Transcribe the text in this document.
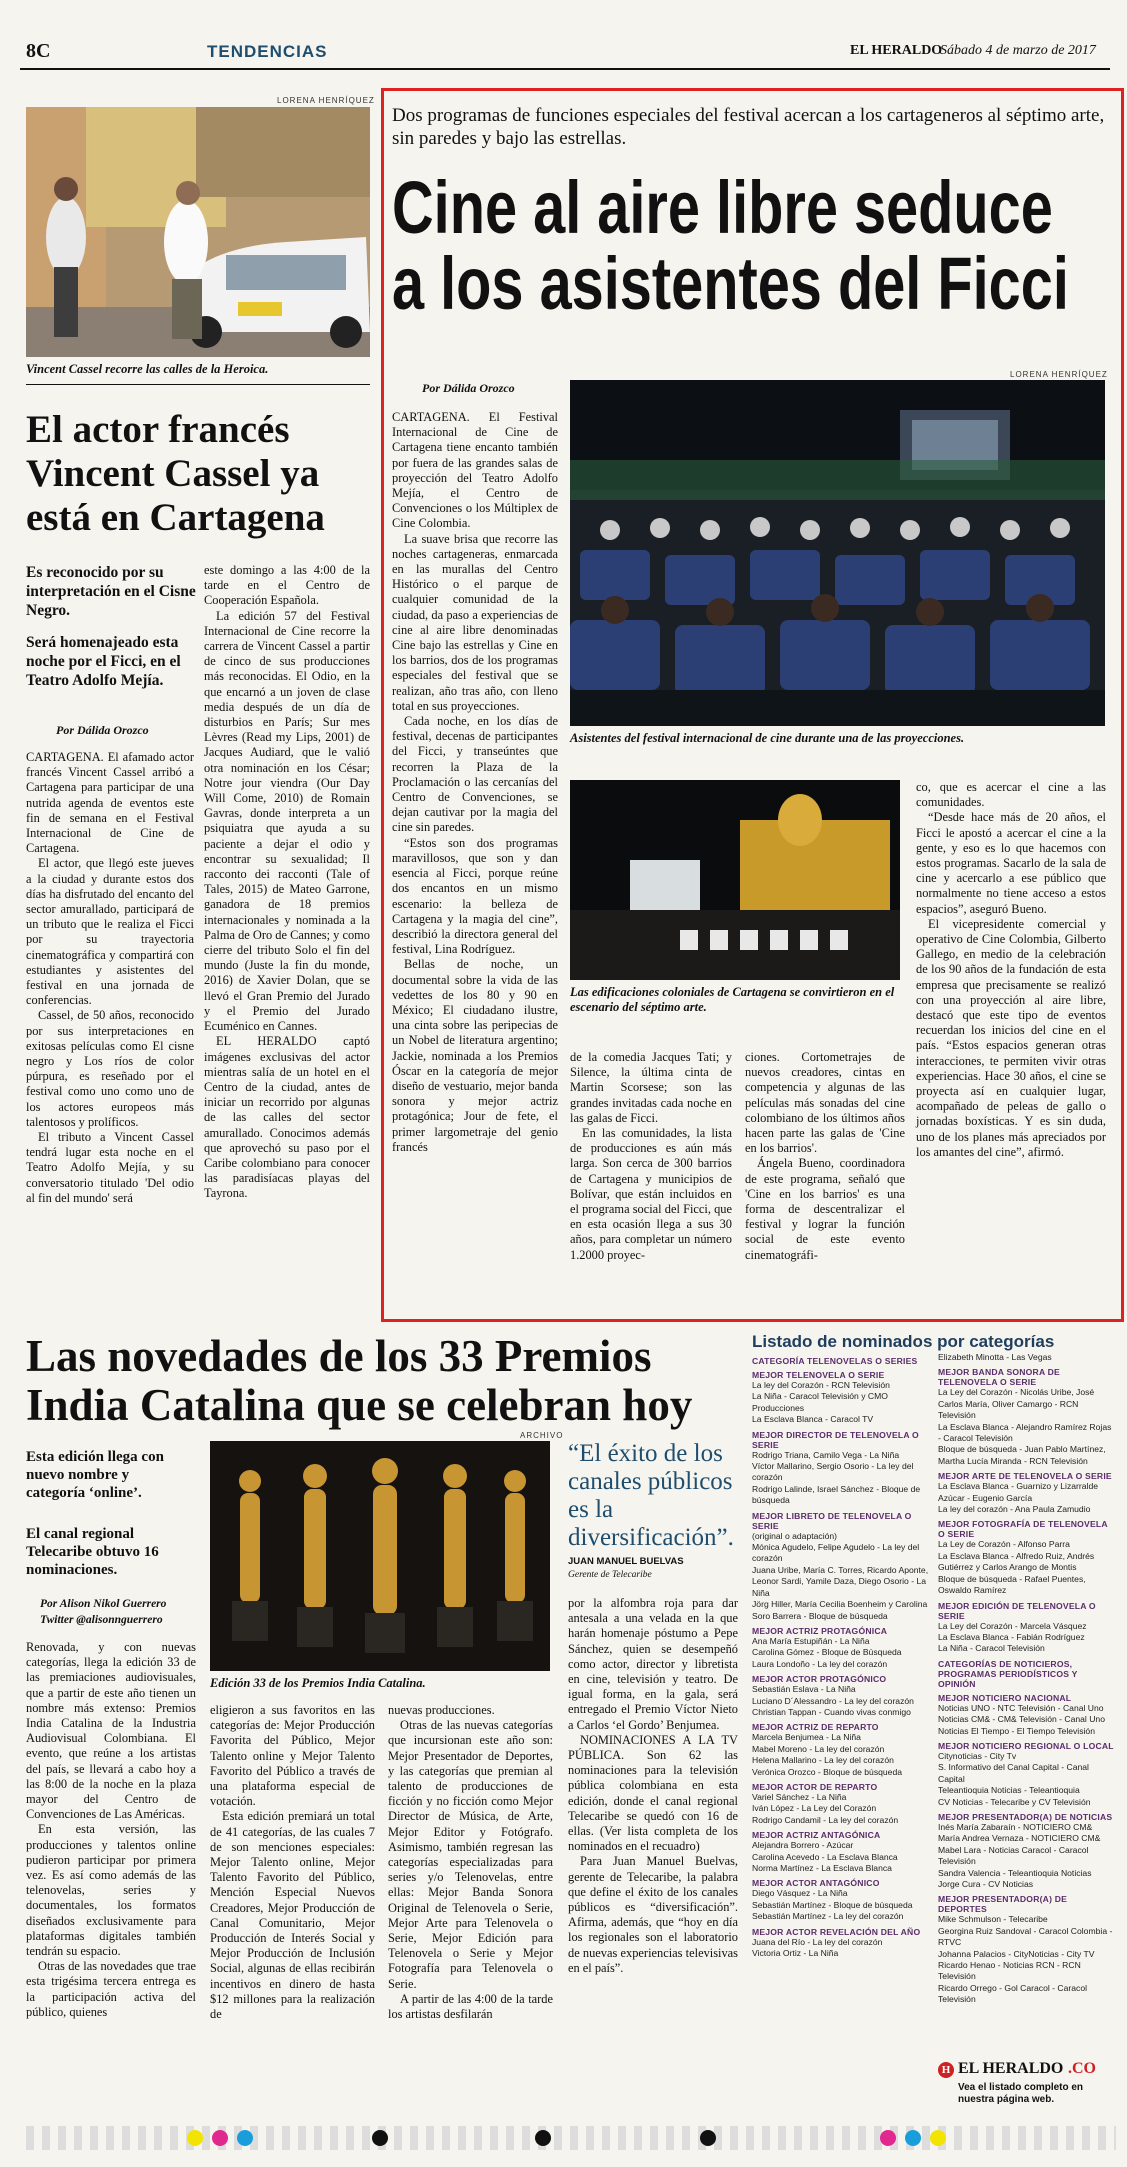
8C	TENDENCIAS	EL HERALDO
Sábado 4 de marzo de 2017
LORENA HENRÍQUEZ
Vincent Cassel recorre las calles de la Heroica.
El actor francés Vincent Cassel ya está en Cartagena
Es reconocido por su interpretación en el Cisne Negro.
Será homenajeado esta noche por el Ficci, en el Teatro Adolfo Mejía.
Por Dálida Orozco

CARTAGENA. El afamado actor francés Vincent Cassel arribó a Cartagena para participar de una nutrida agenda de eventos este fin de semana en el Festival Internacional de Cine de Cartagena.

El actor, que llegó este jueves a la ciudad y durante estos dos días ha disfrutado del encanto del sector amurallado, participará de un tributo que le realiza el Ficci por su trayectoria cinematográfica y compartirá con estudiantes y asistentes del festival en una jornada de conferencias.

Cassel, de 50 años, reconocido por sus interpretaciones en exitosas películas como El cisne negro y Los ríos de color púrpura, es reseñado por el festival como uno como uno de los actores europeos más talentosos y prolíficos.

El tributo a Vincent Cassel tendrá lugar esta noche en el Teatro Adolfo Mejía, y su conversatorio titulado 'Del odio al fin del mundo' será

este domingo a las 4:00 de la tarde en el Centro de Cooperación Española.

La edición 57 del Festival Internacional de Cine recorre la carrera de Vincent Cassel a partir de cinco de sus producciones más reconocidas. El Odio, en la que encarnó a un joven de clase media después de un día de disturbios en París; Sur mes Lèvres (Read my Lips, 2001) de Jacques Audiard, que le valió otra nominación en los César; Notre jour viendra (Our Day Will Come, 2010) de Romain Gavras, donde interpreta a un psiquiatra que ayuda a su paciente a dejar el odio y encontrar su sexualidad; Il racconto dei racconti (Tale of Tales, 2015) de Mateo Garrone, ganadora de 18 premios internacionales y nominada a la Palma de Oro de Cannes; y como cierre del tributo Solo el fin del mundo (Juste la fin du monde, 2016) de Xavier Dolan, que se llevó el Gran Premio del Jurado y el Premio del Jurado Ecuménico en Cannes.

EL HERALDO captó imágenes exclusivas del actor mientras salía de un hotel en el Centro de la ciudad, antes de iniciar un recorrido por algunas de las calles del sector amurallado. Conocimos además que aprovechó su paso por el Caribe colombiano para conocer las paradisíacas playas del Tayrona.

Dos programas de funciones especiales del festival acercan a los cartageneros al séptimo arte, sin paredes y bajo las estrellas.
Cine al aire libre seduce a los asistentes del Ficci
Por Dálida Orozco
LORENA HENRÍQUEZ
Asistentes del festival internacional de cine durante una de las proyecciones.
Las edificaciones coloniales de Cartagena se convirtieron en el escenario del séptimo arte.

CARTAGENA. El Festival Internacional de Cine de Cartagena tiene encanto también por fuera de las grandes salas de proyección del Teatro Adolfo Mejía, el Centro de Convenciones o los Múltiplex de Cine Colombia.

La suave brisa que recorre las noches cartageneras, enmarcada en las murallas del Centro Histórico o el parque de cualquier comunidad de la ciudad, da paso a experiencias de cine al aire libre denominadas Cine bajo las estrellas y Cine en los barrios, dos de los programas especiales del festival que se realizan, año tras año, con lleno total en sus proyecciones.

Cada noche, en los días de festival, decenas de participantes del Ficci, y transeúntes que recorren la Plaza de la Proclamación o las cercanías del Centro de Convenciones, se dejan cautivar por la magia del cine sin paredes.

“Estos son dos programas maravillosos, que son y dan esencia al Ficci, porque reúne dos encantos en un mismo escenario: la belleza de Cartagena y la magia del cine”, describió la directora general del festival, Lina Rodríguez.

Bellas de noche, un documental sobre la vida de las vedettes de los 80 y 90 en México; El ciudadano ilustre, una cinta sobre las peripecias de un Nobel de literatura argentino; Jackie, nominada a los Premios Óscar en la categoría de mejor diseño de vestuario, mejor banda sonora y mejor actriz protagónica; Jour de fete, el primer largometraje del genio francés

de la comedia Jacques Tati; y Silence, la última cinta de Martin Scorsese; son las grandes invitadas cada noche en las galas de Ficci.

En las comunidades, la lista de producciones es aún más larga. Son cerca de 300 barrios de Cartagena y municipios de Bolívar, que están incluidos en el programa social del Ficci, que en esta ocasión llega a sus 30 años, para completar un número 1.2000 proyec-

ciones. Cortometrajes de nuevos creadores, cintas en competencia y algunas de las películas más sonadas del cine colombiano de los últimos años hacen parte las galas de 'Cine en los barrios'.

Ángela Bueno, coordinadora de este programa, señaló que 'Cine en los barrios' es una forma de descentralizar el festival y lograr la función social de este evento cinematográfi-

co, que es acercar el cine a las comunidades.

“Desde hace más de 20 años, el Ficci le apostó a acercar el cine a la gente, y eso es lo que hacemos con estos programas. Sacarlo de la sala de cine y acercarlo a ese público que normalmente no tiene acceso a estos espacios”, aseguró Bueno.

El vicepresidente comercial y operativo de Cine Colombia, Gilberto Gallego, en medio de la celebración de los 90 años de la fundación de esta empresa que precisamente se realizó con una proyección al aire libre, destacó que este tipo de eventos recuerdan los inicios del cine en el país. “Estos espacios generan otras interacciones, te permiten vivir otras experiencias. Hace 30 años, el cine se proyecta así en cualquier lugar, acompañado de peleas de gallo o jornadas boxísticas. Y es sin duda, uno de los planes más apreciados por los amantes del cine”, afirmó.

Las novedades de los 33 Premios India Catalina que se celebran hoy
Esta edición llega con nuevo nombre y categoría ‘online’.
El canal regional Telecaribe obtuvo 16 nominaciones.
Por Alison Nikol Guerrero
Twitter @alisonnguerrero
ARCHIVO
Edición 33 de los Premios India Catalina.
“El éxito de los canales públicos es la diversificación”.
JUAN MANUEL BUELVAS
Gerente de Telecaribe

Renovada, y con nuevas categorías, llega la edición 33 de las premiaciones audiovisuales, que a partir de este año tienen un nombre más extenso: Premios India Catalina de la Industria Audiovisual Colombiana. El evento, que reúne a los artistas del país, se llevará a cabo hoy a las 8:00 de la noche en la plaza mayor del Centro de Convenciones de Las Américas.

En esta versión, las producciones y talentos online pudieron participar por primera vez. Es así como además de las telenovelas, series y documentales, los formatos diseñados exclusivamente para plataformas digitales también tendrán su espacio.

Otras de las novedades que trae esta trigésima tercera entrega es la participación activa del público, quienes

eligieron a sus favoritos en las categorías de: Mejor Producción Favorita del Público, Mejor Talento online y Mejor Talento Favorito del Público a través de una plataforma especial de votación.

Esta edición premiará un total de 41 categorías, de las cuales 7 de son menciones especiales: Mejor Talento online, Mejor Talento Favorito del Público, Mención Especial Nuevos Creadores, Mejor Producción de Canal Comunitario, Mejor Producción de Interés Social y Mejor Producción de Inclusión Social, algunas de ellas recibirán incentivos en dinero de hasta $12 millones para la realización de

nuevas producciones.

Otras de las nuevas categorías que incursionan este año son: Mejor Presentador de Deportes, y las categorías que premian al talento de producciones de ficción y no ficción como Mejor Director de Música, de Arte, Mejor Editor y Fotógrafo. Asimismo, también regresan las categorías especializadas para series y/o Telenovelas, entre ellas: Mejor Banda Sonora Original de Telenovela o Serie, Mejor Arte para Telenovela o Serie, Mejor Edición para Telenovela o Serie y Mejor Fotografía para Telenovela o Serie.

A partir de las 4:00 de la tarde los artistas desfilarán

por la alfombra roja para dar antesala a una velada en la que harán homenaje póstumo a Pepe Sánchez, quien se desempeñó como actor, director y libretista en cine, televisión y teatro. De igual forma, en la gala, será entregado el Premio Víctor Nieto a Carlos ‘el Gordo’ Benjumea.

NOMINACIONES A LA TV PÚBLICA. Son 62 las nominaciones para la televisión pública colombiana en esta edición, donde el canal regional Telecaribe se quedó con 16 de ellas. (Ver lista completa de los nominados en el recuadro)

Para Juan Manuel Buelvas, gerente de Telecaribe, la palabra que define el éxito de los canales públicos es “diversificación”. Afirma, además, que “hoy en día los regionales son el laboratorio de nuevas experiencias televisivas en el país”.

Listado de nominados por categorías
CATEGORÍA TELENOVELAS O SERIES
MEJOR TELENOVELA O SERIE
La ley del Corazón - RCN Televisión
La Niña - Caracol Televisión y CMO Producciones
La Esclava Blanca - Caracol TV
MEJOR DIRECTOR DE TELENOVELA O SERIE
Rodrigo Triana, Camilo Vega - La Niña
Víctor Mallarino, Sergio Osorio - La ley del corazón
Rodrigo Lalinde, Israel Sánchez - Bloque de búsqueda
MEJOR LIBRETO DE TELENOVELA O SERIE
(original o adaptación)
Mónica Agudelo, Felipe Agudelo - La ley del corazón
Juana Uribe, María C. Torres, Ricardo Aponte, Leonor Sardi, Yamile Daza, Diego Osorio - La Niña
Jörg Hiller, María Cecilia Boenheim y Carolina Soro Barrera - Bloque de búsqueda
MEJOR ACTRIZ PROTAGÓNICA
Ana María Estupiñán - La Niña
Carolina Gómez - Bloque de Búsqueda
Laura Londoño - La ley del corazón
MEJOR ACTOR PROTAGÓNICO
Sebastián Eslava - La Niña
Luciano D´Alessandro - La ley del corazón
Christian Tappan - Cuando vivas conmigo
MEJOR ACTRIZ DE REPARTO
Marcela Benjumea - La Niña
Mabel Moreno - La ley del corazón
Helena Mallarino - La ley del corazón
Verónica Orozco - Bloque de búsqueda
MEJOR ACTOR DE REPARTO
Variel Sánchez - La Niña
Iván López - La Ley del Corazón
Rodrigo Candamil - La ley del corazón
MEJOR ACTRIZ ANTAGÓNICA
Alejandra Borrero - Azúcar
Carolina Acevedo - La Esclava Blanca
Norma Martínez - La Esclava Blanca
MEJOR ACTOR ANTAGÓNICO
Diego Vásquez - La Niña
Sebastián Martínez - Bloque de búsqueda
Sebastián Martínez - La ley del corazón
MEJOR ACTOR REVELACIÓN DEL AÑO
Juana del Río - La ley del corazón
Victoria Ortiz - La Niña
Elizabeth Minotta - Las Vegas
MEJOR BANDA SONORA DE TELENOVELA O SERIE
La Ley del Corazón - Nicolás Uribe, José Carlos María, Oliver Camargo - RCN Televisión
La Esclava Blanca - Alejandro Ramírez Rojas - Caracol Televisión
Bloque de búsqueda - Juan Pablo Martínez, Martha Lucía Miranda - RCN Televisión
MEJOR ARTE DE TELENOVELA O SERIE
La Esclava Blanca - Guarnizo y Lizarralde
Azúcar - Eugenio García
La ley del corazón - Ana Paula Zamudio
MEJOR FOTOGRAFÍA DE TELENOVELA O SERIE
La Ley de Corazón - Alfonso Parra
La Esclava Blanca - Alfredo Ruiz, Andrés Gutiérrez y Carlos Arango de Montis
Bloque de búsqueda - Rafael Puentes, Oswaldo Ramírez
MEJOR EDICIÓN DE TELENOVELA O SERIE
La Ley del Corazón - Marcela Vásquez
La Esclava Blanca - Fabián Rodríguez
La Niña - Caracol Televisión
CATEGORÍAS DE NOTICIEROS, PROGRAMAS PERIODÍSTICOS Y OPINIÓN
MEJOR NOTICIERO NACIONAL
Noticias UNO - NTC Televisión - Canal Uno
Noticias CM& - CM& Televisión - Canal Uno
Noticias El Tiempo - El Tiempo Televisión
MEJOR NOTICIERO REGIONAL O LOCAL
Citynoticias - City Tv
S. Informativo del Canal Capital - Canal Capital
Teleantioquia Noticias - Teleantioquia
CV Noticias - Telecaribe y CV Televisión
MEJOR PRESENTADOR(A) DE NOTICIAS
Inés María Zabaraín - NOTICIERO CM&
María Andrea Vernaza - NOTICIERO CM&
Mabel Lara - Noticias Caracol - Caracol Televisión
Sandra Valencia - Teleantioquia Noticias
Jorge Cura - CV Noticias
MEJOR PRESENTADOR(A) DE DEPORTES
Mike Schmulson - Telecaribe
Georgina Ruiz Sandoval - Caracol Colombia - RTVC
Johanna Palacios - CityNoticias - City TV
Ricardo Henao - Noticias RCN - RCN Televisión
Ricardo Orrego - Gol Caracol - Caracol Televisión
H EL HERALDO .CO
Vea el listado completo en nuestra página web.
